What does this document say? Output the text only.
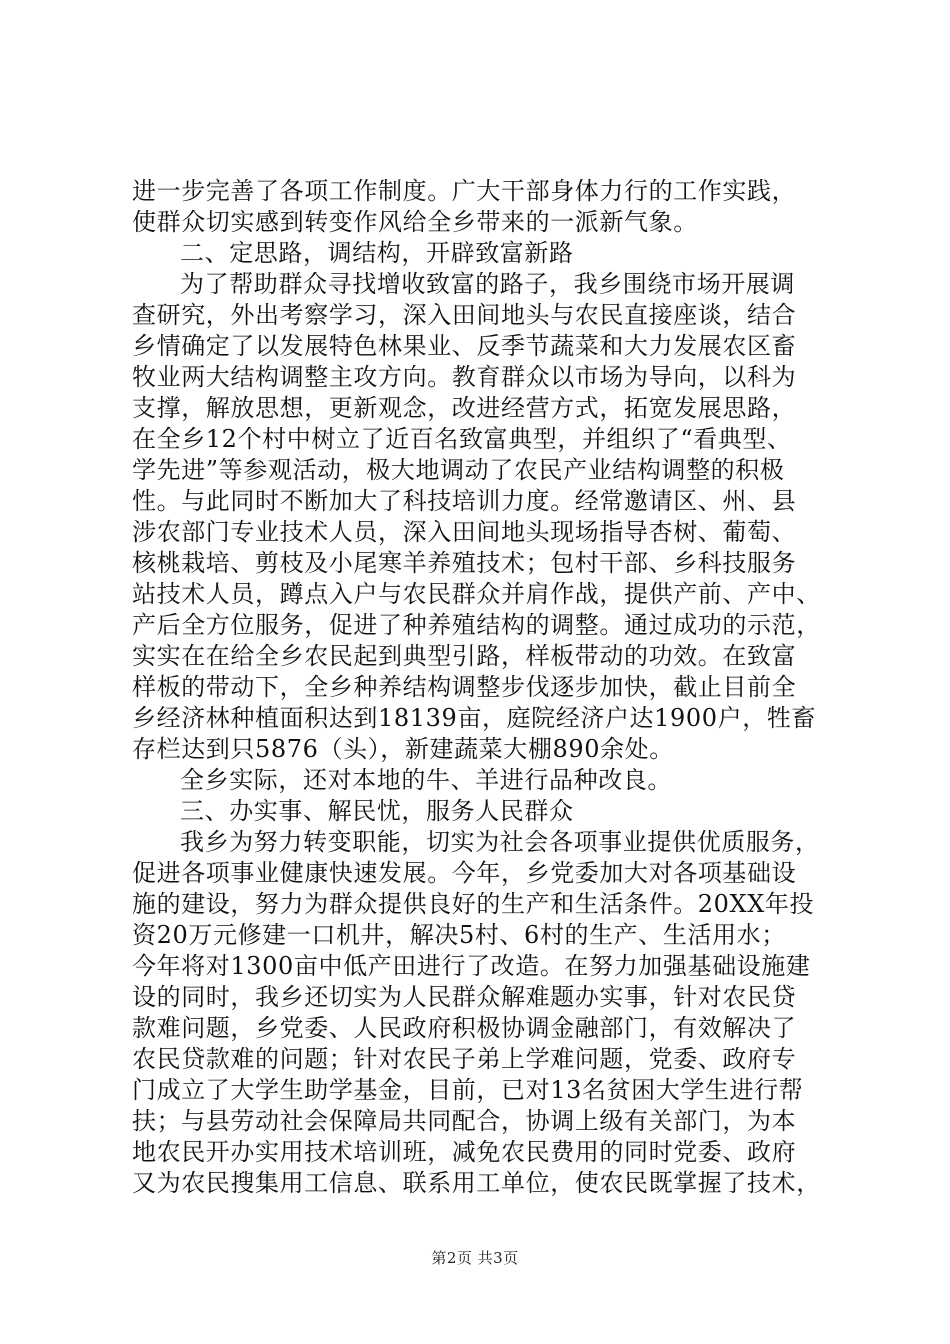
进一步完善了各项工作制度。广大干部身体力行的工作实践，
使群众切实感到转变作风给全乡带来的一派新气象。
二、定思路，调结构，开辟致富新路
为了帮助群众寻找增收致富的路子，我乡围绕市场开展调
查研究，外出考察学习，深入田间地头与农民直接座谈，结合
乡情确定了以发展特色林果业、反季节蔬菜和大力发展农区畜
牧业两大结构调整主攻方向。教育群众以市场为导向，以科为
支撑，解放思想，更新观念，改进经营方式，拓宽发展思路，
在全乡12个村中树立了近百名致富典型，并组织了“看典型、
学先进”等参观活动，极大地调动了农民产业结构调整的积极
性。与此同时不断加大了科技培训力度。经常邀请区、州、县
涉农部门专业技术人员，深入田间地头现场指导杏树、葡萄、
核桃栽培、剪枝及小尾寒羊养殖技术；包村干部、乡科技服务
站技术人员，蹲点入户与农民群众并肩作战，提供产前、产中、
产后全方位服务，促进了种养殖结构的调整。通过成功的示范，
实实在在给全乡农民起到典型引路，样板带动的功效。在致富
样板的带动下，全乡种养结构调整步伐逐步加快，截止目前全
乡经济林种植面积达到18139亩，庭院经济户达1900户，牲畜
存栏达到只5876（头），新建蔬菜大棚890余处。
全乡实际，还对本地的牛、羊进行品种改良。
三、办实事、解民忧，服务人民群众
我乡为努力转变职能，切实为社会各项事业提供优质服务，
促进各项事业健康快速发展。今年，乡党委加大对各项基础设
施的建设，努力为群众提供良好的生产和生活条件。20XX年投
资20万元修建一口机井，解决5村、6村的生产、生活用水；
今年将对1300亩中低产田进行了改造。在努力加强基础设施建
设的同时，我乡还切实为人民群众解难题办实事，针对农民贷
款难问题，乡党委、人民政府积极协调金融部门，有效解决了
农民贷款难的问题；针对农民子弟上学难问题，党委、政府专
门成立了大学生助学基金，目前，已对13名贫困大学生进行帮
扶；与县劳动社会保障局共同配合，协调上级有关部门，为本
地农民开办实用技术培训班，减免农民费用的同时党委、政府
又为农民搜集用工信息、联系用工单位，使农民既掌握了技术，
第2页 共3页
